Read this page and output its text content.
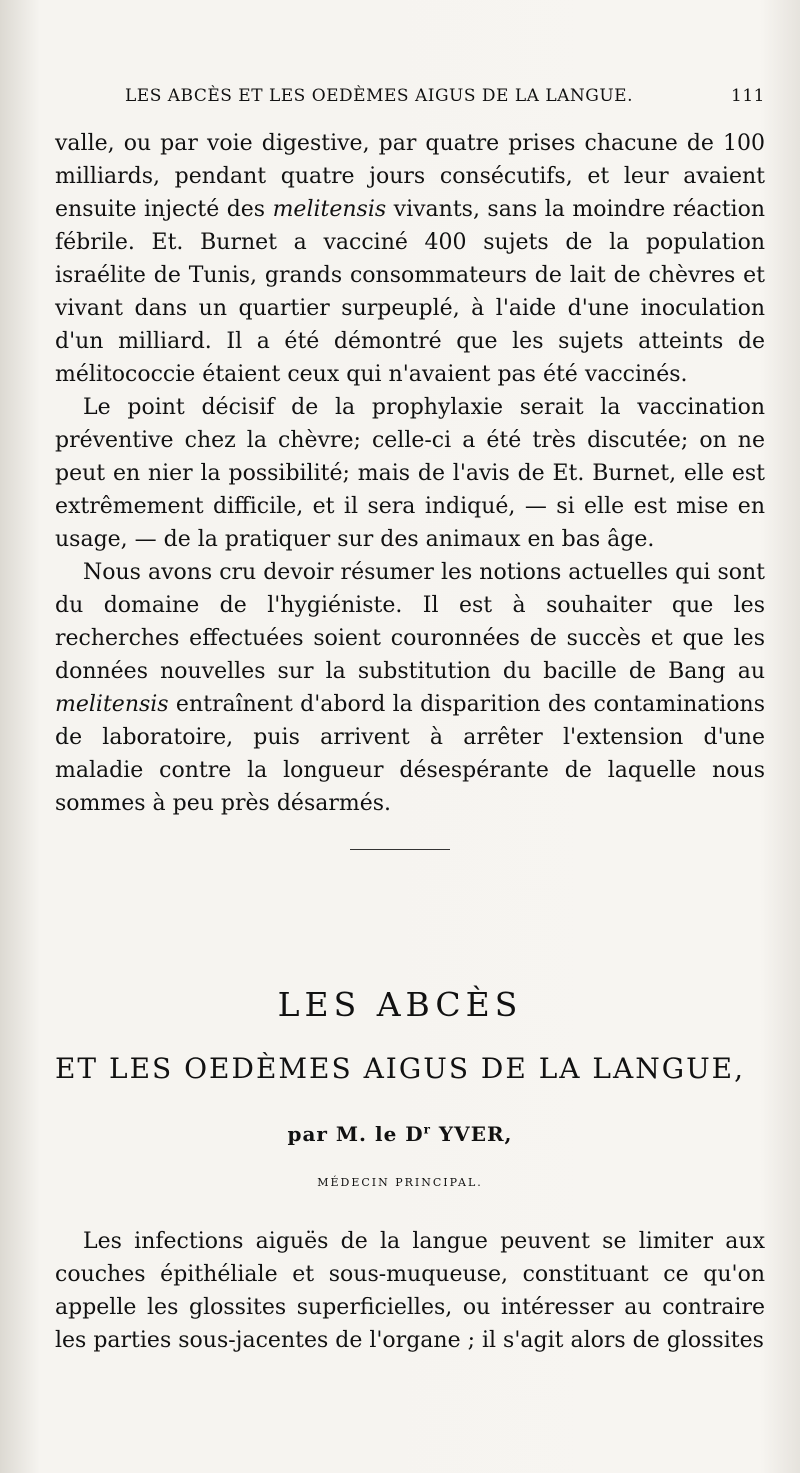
LES ABCÈS ET LES OEDÈMES AIGUS DE LA LANGUE.	111

valle, ou par voie digestive, par quatre prises chacune de 100 milliards, pendant quatre jours consécutifs, et leur avaient ensuite injecté des melitensis vivants, sans la moindre réaction fébrile. Et. Burnet a vacciné 400 sujets de la population israélite de Tunis, grands consommateurs de lait de chèvres et vivant dans un quartier surpeuplé, à l'aide d'une inoculation d'un milliard. Il a été démontré que les sujets atteints de mélitococcie étaient ceux qui n'avaient pas été vaccinés.

Le point décisif de la prophylaxie serait la vaccination préventive chez la chèvre; celle-ci a été très discutée; on ne peut en nier la possibilité; mais de l'avis de Et. Burnet, elle est extrêmement difficile, et il sera indiqué, — si elle est mise en usage, — de la pratiquer sur des animaux en bas âge.

Nous avons cru devoir résumer les notions actuelles qui sont du domaine de l'hygiéniste. Il est à souhaiter que les recherches effectuées soient couronnées de succès et que les données nouvelles sur la substitution du bacille de Bang au melitensis entraînent d'abord la disparition des contaminations de laboratoire, puis arrivent à arrêter l'extension d'une maladie contre la longueur désespérante de laquelle nous sommes à peu près désarmés.

LES ABCÈS
ET LES OEDÈMES AIGUS DE LA LANGUE,
par M. le $D^r$ YVER,
MÉDECIN PRINCIPAL.

Les infections aiguës de la langue peuvent se limiter aux couches épithéliale et sous-muqueuse, constituant ce qu'on appelle les glossites superficielles, ou intéresser au contraire les parties sous-jacentes de l'organe ; il s'agit alors de glossites
